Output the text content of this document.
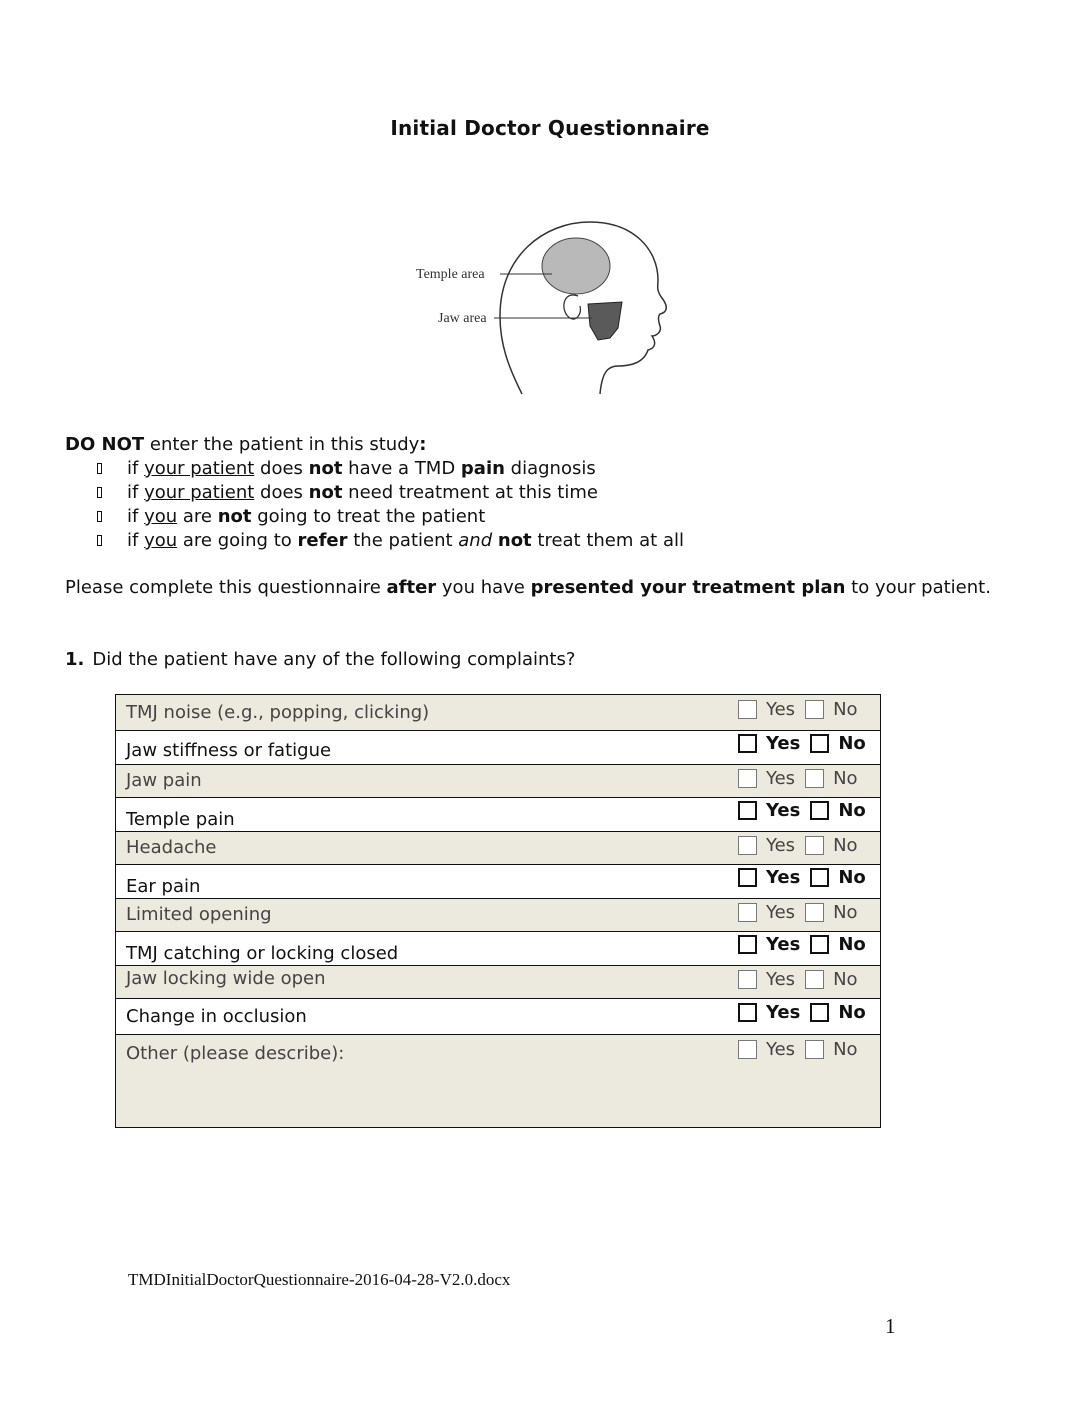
Initial Doctor Questionnaire
Temple area
Jaw area
DO NOT enter the patient in this study:
if your patient does not have a TMD pain diagnosis
if your patient does not need treatment at this time
if you are not going to treat the patient
if you are going to refer the patient and not treat them at all
Please complete this questionnaire after you have presented your treatment plan to your patient.
1. Did the patient have any of the following complaints?
TMJ noise (e.g., popping, clicking)	Yes No
Jaw stiffness or fatigue	Yes No
Jaw pain	Yes No
Temple pain	Yes No
Headache	Yes No
Ear pain	Yes No
Limited opening	Yes No
TMJ catching or locking closed	Yes No
Jaw locking wide open	Yes No
Change in occlusion	Yes No
Other (please describe):	Yes No
TMDInitialDoctorQuestionnaire-2016-04-28-V2.0.docx
1
